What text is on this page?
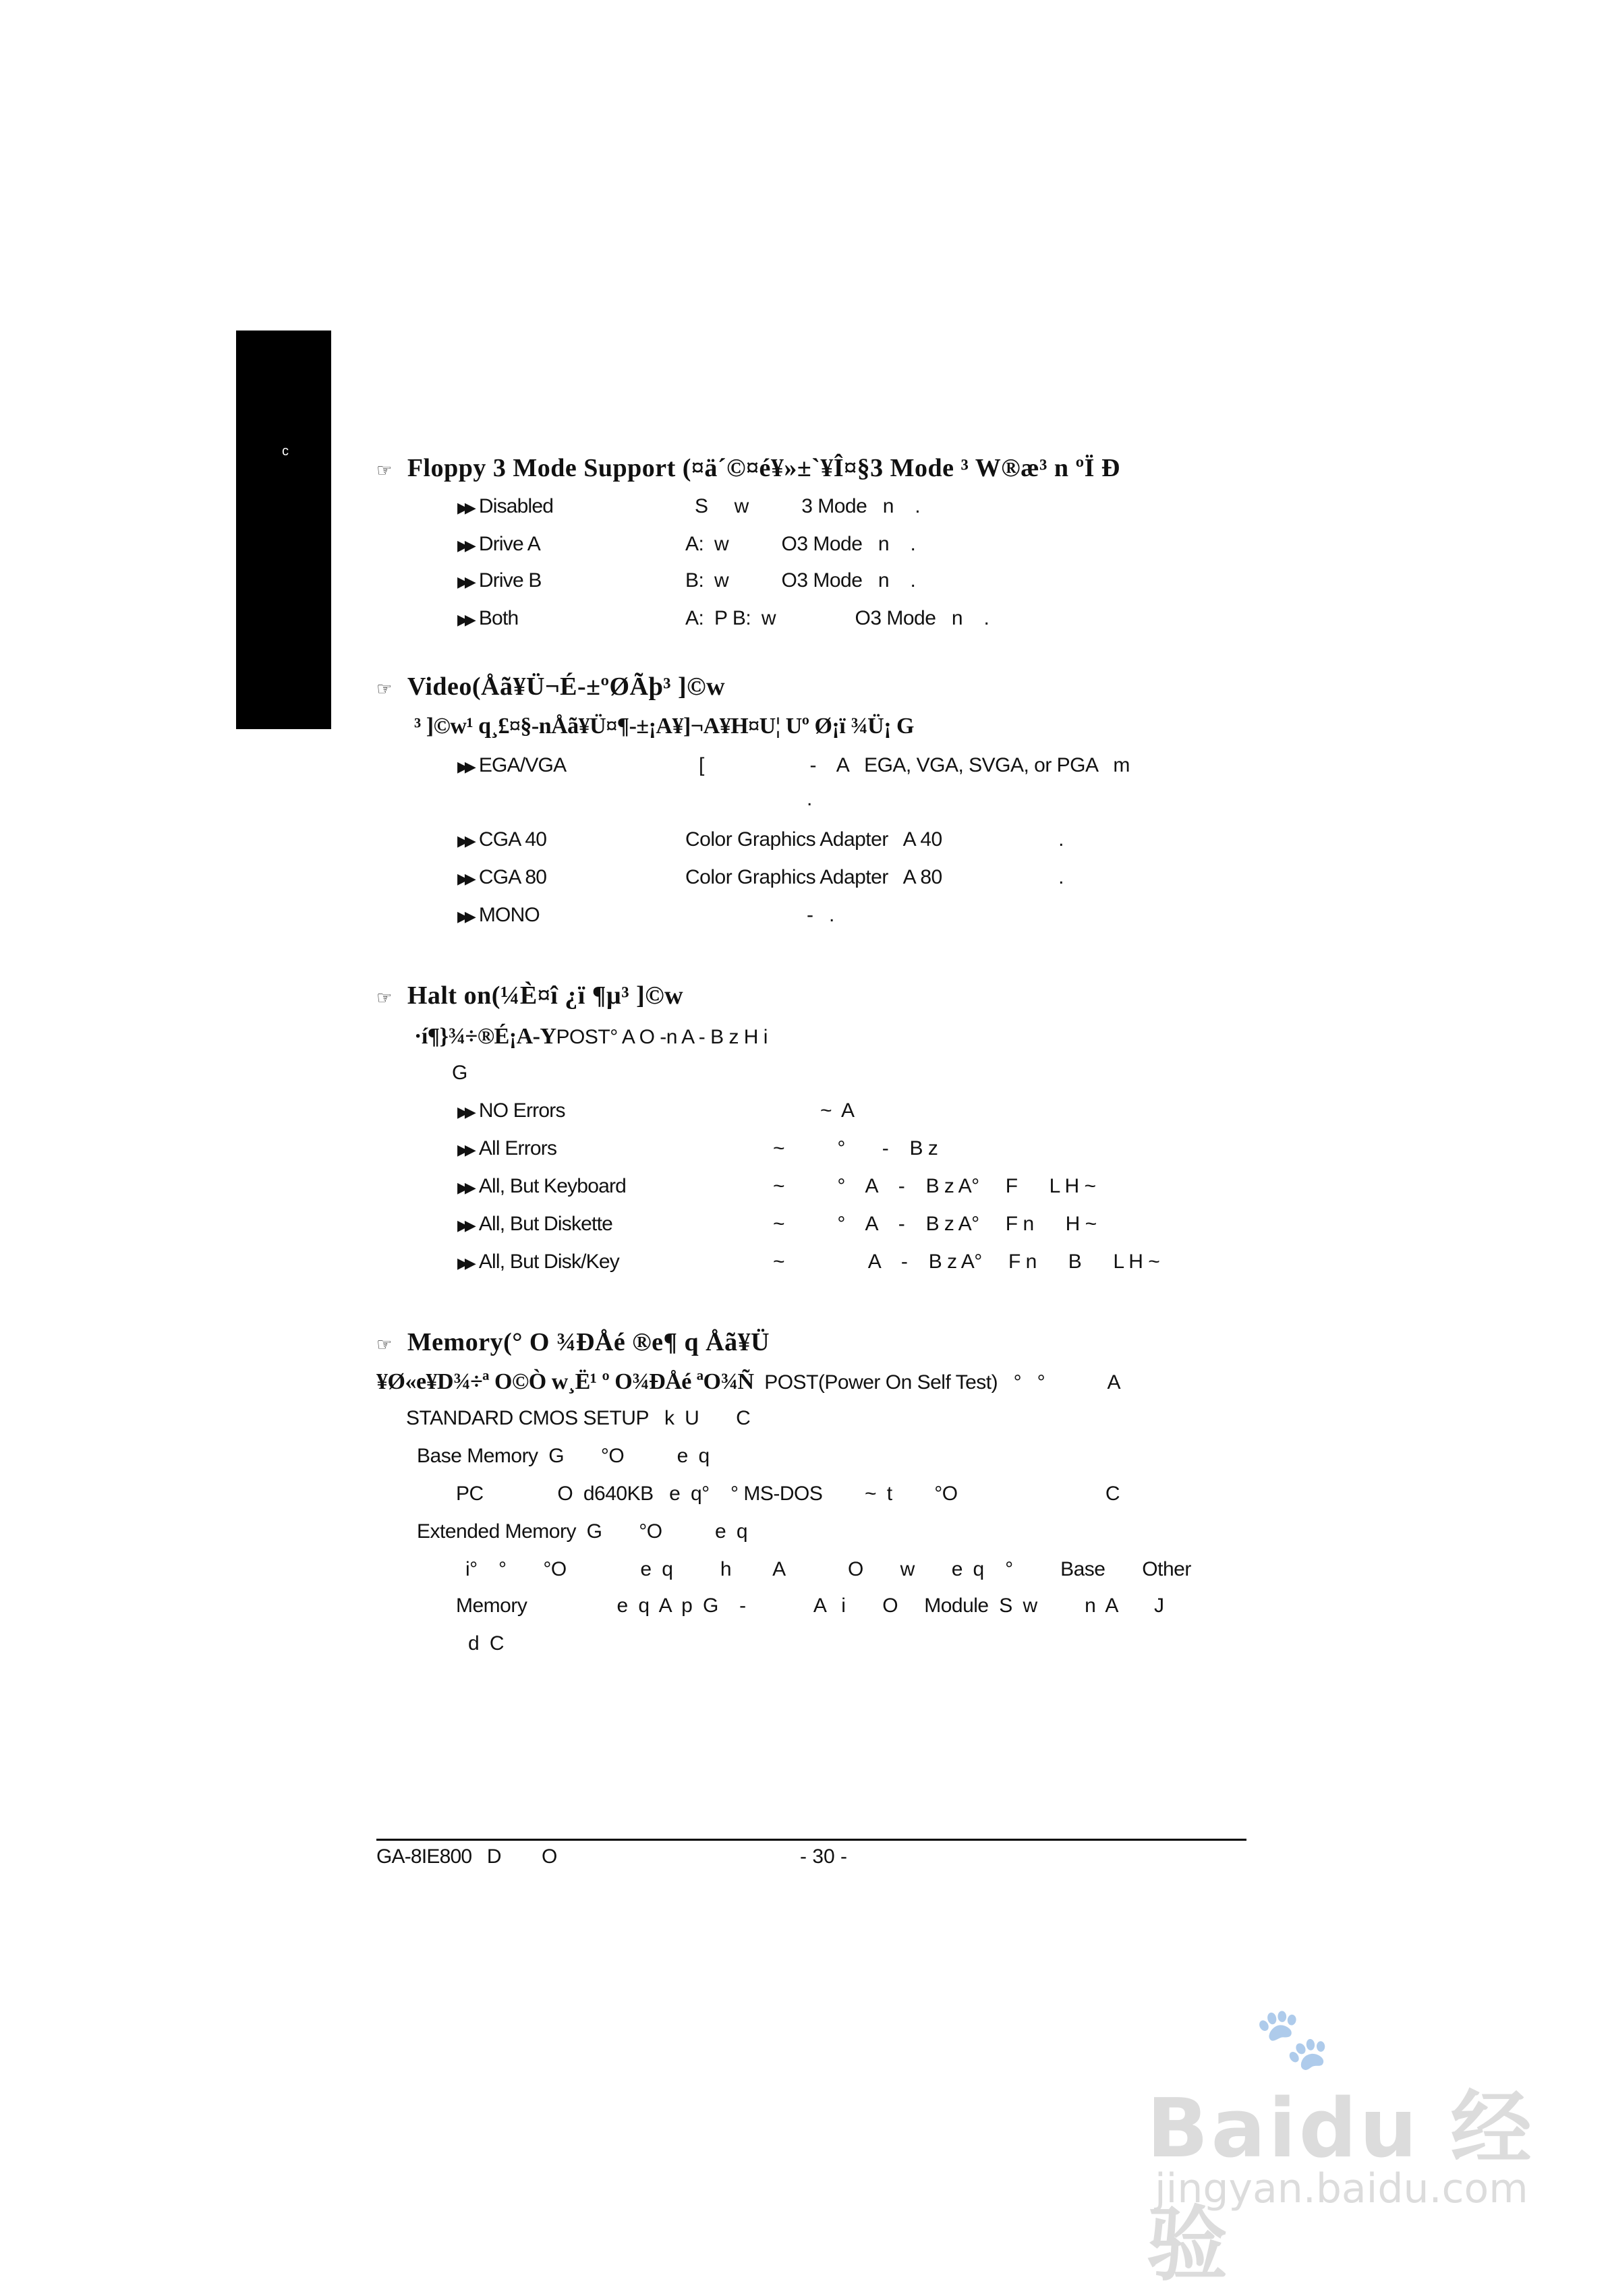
c
☞ Floppy 3 Mode Support (¤ä´©¤é¥»±`¥Î¤§3 Mode ³ W®æ³ n ºÏ Đ
▶▶ Disabled	S     w          3 Mode   n    .
▶▶ Drive A	A:  w          O3 Mode   n    .
▶▶ Drive B	B:  w          O3 Mode   n    .
▶▶ Both	A:  P B:  w               O3 Mode   n    .
☞ Video(Åã¥Ü¬É-±ºØÃþ³ ]©w
³ ]©w¹ q¸£¤§-nÅã¥Ü¤¶-±¡A¥]¬A¥H¤U¦ Uº Ø¡ï ¾Ü¡ G
▶▶ EGA/VGA	[                    -    A   EGA, VGA, SVGA, or PGA   m
.
▶▶ CGA 40	Color Graphics Adapter   A 40                      .
▶▶ CGA 80	Color Graphics Adapter   A 80                      .
▶▶ MONO	-   .
☞ Halt on(¼È¤î ¿ï ¶µ³ ]©w
·í¶}¾÷®É¡A-YPOST° A O -n A - B z H i
G
▶▶ NO Errors	~  A
▶▶ All Errors	~          °       -    B z
▶▶ All, But Keyboard	~          °    A    -    B z A°     F      L H ~
▶▶ All, But Diskette	~          °    A    -    B z A°     F n      H ~
▶▶ All, But Disk/Key	~                A    -    B z A°     F n      B      L H ~
☞ Memory(° O ¾ÐÅé ®e¶ q Åã¥Ü
¥Ø«e¥D¾÷ª O©Ò w¸Ë¹ º O¾ÐÅé ªO¾Ñ  POST(Power On Self Test)   °   °            A
STANDARD CMOS SETUP   k  U       C
Base Memory  G       °O          e  q
PC              O  d640KB   e  q°    ° MS-DOS        ~  t        °O                            C
Extended Memory  G       °O          e  q
i°    °       °O              e  q         h        A            O       w       e  q    °         Base       Other
Memory                 e  q  A  p  G    -             A   i       O     Module  S  w         n  A       J
d  C
GA-8IE800   D        O	- 30 -
🐾
Baidu 经验
jingyan.baidu.com
